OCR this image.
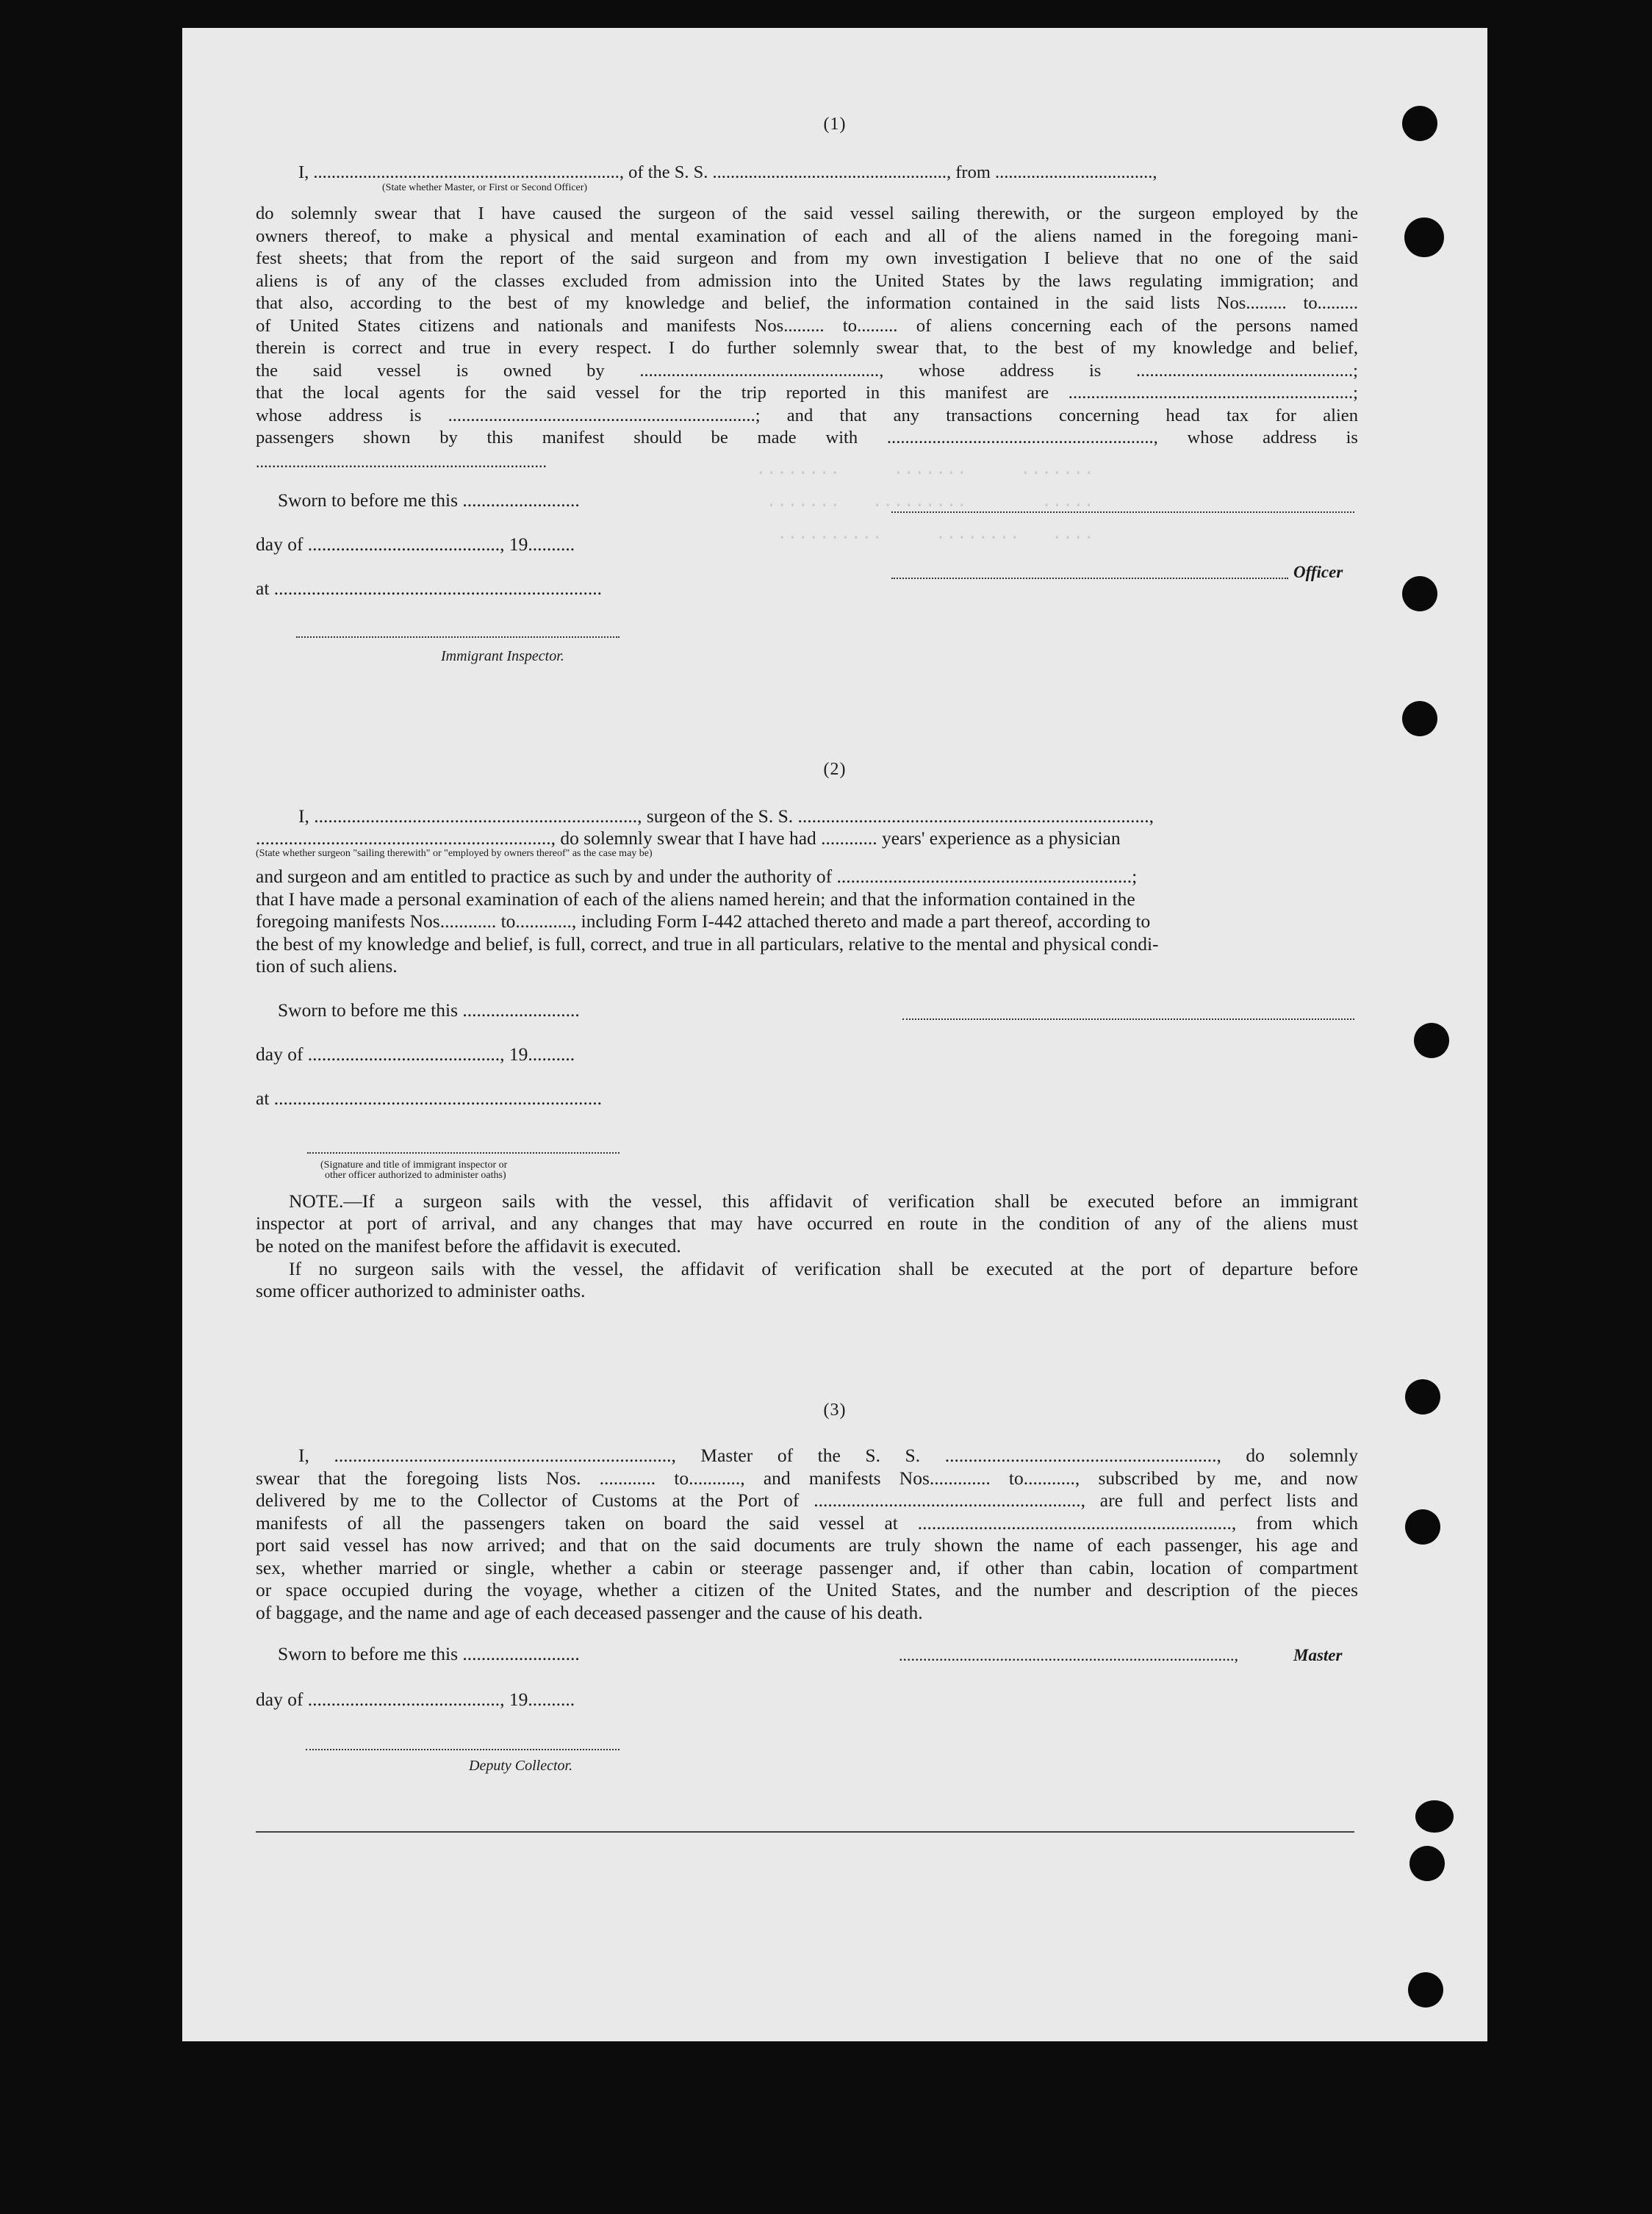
.......     .......     ........
.....       .........   .......
....   ........     ..........
(1)
I, ...................................................................., of the S. S. ...................................................., from ...................................,
(State whether Master, or First or Second Officer)
do solemnly swear that I have caused the surgeon of the said vessel sailing therewith, or the surgeon employed by the
owners thereof, to make a physical and mental examination of each and all of the aliens named in the foregoing mani-
fest sheets; that from the report of the said surgeon and from my own investigation I believe that no one of the said
aliens is of any of the classes excluded from admission into the United States by the laws regulating immigration; and
that also, according to the best of my knowledge and belief, the information contained in the said lists Nos......... to.........
of United States citizens and nationals and manifests Nos......... to......... of aliens concerning each of the persons named
therein is correct and true in every respect. I do further solemnly swear that, to the best of my knowledge and belief,
the said vessel is owned by ....................................................., whose address is ................................................;
that the local agents for the said vessel for the trip reported in this manifest are ...............................................................;
whose address is ....................................................................; and that any transactions concerning head tax for alien
passengers shown by this manifest should be made with ..........................................................., whose address is
........................................................................
Sworn to before me this .........................
day of ........................................., 19..........
at ......................................................................
Immigrant Inspector.
Officer
(2)
I, ....................................................................., surgeon of the S. S. ...........................................................................,
..............................................................., do solemnly swear that I have had ............ years' experience as a physician
(State whether surgeon "sailing therewith" or "employed by owners thereof" as the case may be)
and surgeon and am entitled to practice as such by and under the authority of ...............................................................;
that I have made a personal examination of each of the aliens named herein; and that the information contained in the
foregoing manifests Nos............ to............, including Form I-442 attached thereto and made a part thereof, according to
the best of my knowledge and belief, is full, correct, and true in all particulars, relative to the mental and physical condi-
tion of such aliens.
Sworn to before me this .........................
day of ........................................., 19..........
at ......................................................................
(Signature and title of immigrant inspector or
other officer authorized to administer oaths)
NOTE.—If a surgeon sails with the vessel, this affidavit of verification shall be executed before an immigrant
inspector at port of arrival, and any changes that may have occurred en route in the condition of any of the aliens must
be noted on the manifest before the affidavit is executed.
If no surgeon sails with the vessel, the affidavit of verification shall be executed at the port of departure before
some officer authorized to administer oaths.
(3)
I, ........................................................................, Master of the S. S. .........................................................., do solemnly
swear that the foregoing lists Nos. ............ to..........., and manifests Nos............. to..........., subscribed by me, and now
delivered by me to the Collector of Customs at the Port of ........................................................., are full and perfect lists and
manifests of all the passengers taken on board the said vessel at ..................................................................., from which
port said vessel has now arrived; and that on the said documents are truly shown the name of each passenger, his age and
sex, whether married or single, whether a cabin or steerage passenger and, if other than cabin, location of compartment
or space occupied during the voyage, whether a citizen of the United States, and the number and description of the pieces
of baggage, and the name and age of each deceased passenger and the cause of his death.
Sworn to before me this .........................	...................................................................................,	Master
day of ........................................., 19..........
Deputy Collector.
